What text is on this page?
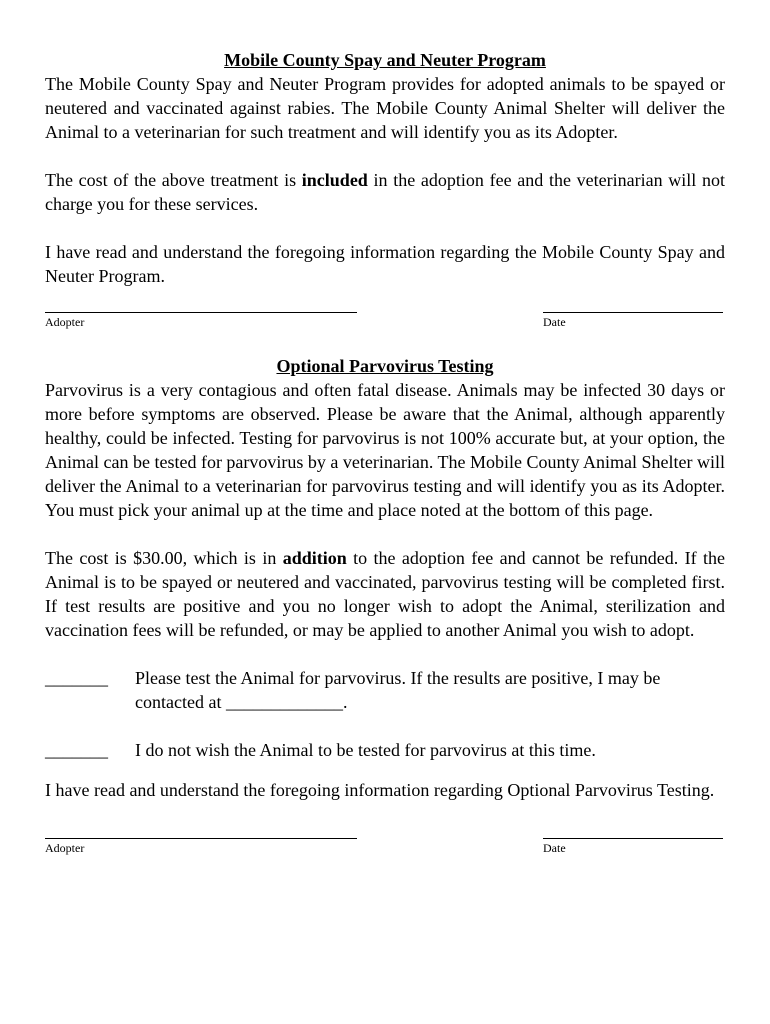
Mobile County Spay and Neuter Program

The Mobile County Spay and Neuter Program provides for adopted animals to be spayed or neutered and vaccinated against rabies. The Mobile County Animal Shelter will deliver the Animal to a veterinarian for such treatment and will identify you as its Adopter.

The cost of the above treatment is included in the adoption fee and the veterinarian will not charge you for these services.

I have read and understand the foregoing information regarding the Mobile County Spay and Neuter Program.

Adopter	Date
Optional Parvovirus Testing

Parvovirus is a very contagious and often fatal disease. Animals may be infected 30 days or more before symptoms are observed. Please be aware that the Animal, although apparently healthy, could be infected. Testing for parvovirus is not 100% accurate but, at your option, the Animal can be tested for parvovirus by a veterinarian. The Mobile County Animal Shelter will deliver the Animal to a veterinarian for parvovirus testing and will identify you as its Adopter. You must pick your animal up at the time and place noted at the bottom of this page.

The cost is $30.00, which is in addition to the adoption fee and cannot be refunded. If the Animal is to be spayed or neutered and vaccinated, parvovirus testing will be completed first. If test results are positive and you no longer wish to adopt the Animal, sterilization and vaccination fees will be refunded, or may be applied to another Animal you wish to adopt.

_______ Please test the Animal for parvovirus. If the results are positive, I may be contacted at _____________.
_______ I do not wish the Animal to be tested for parvovirus at this time.

I have read and understand the foregoing information regarding Optional Parvovirus Testing.

Adopter	Date
